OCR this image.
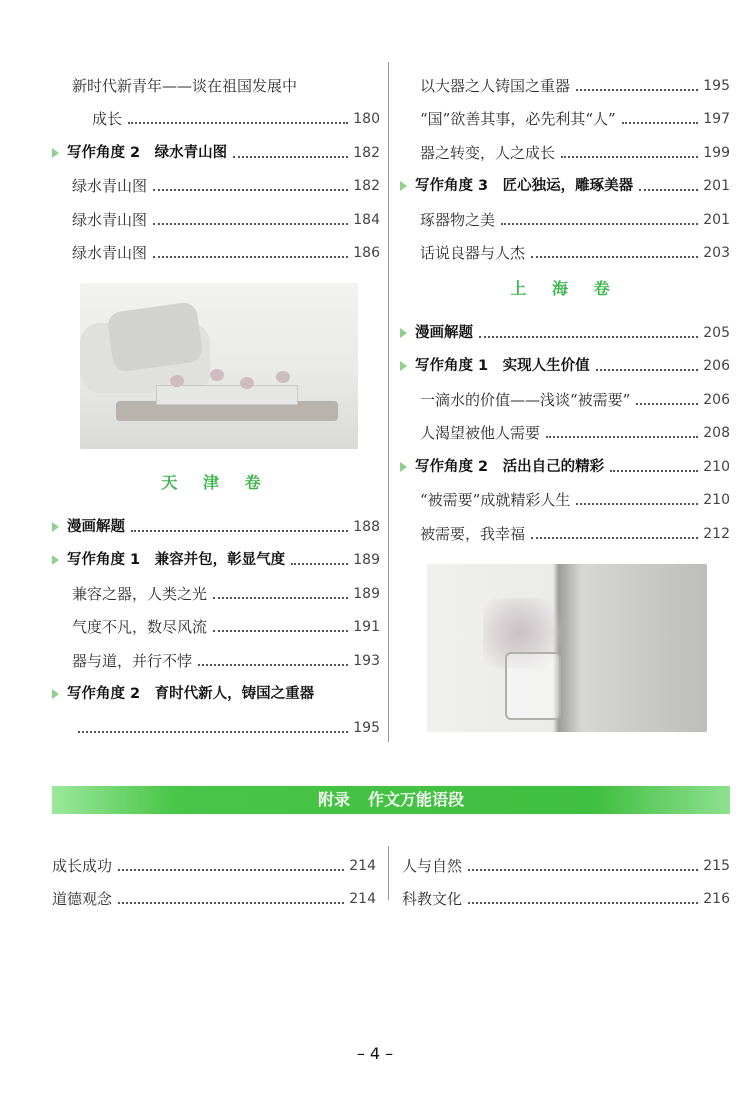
新时代新青年——谈在祖国发展中
成长	180
写作角度 2　绿水青山图	182
绿水青山图	182
绿水青山图	184
绿水青山图	186
天 津 卷
漫画解题	188
写作角度 1　兼容并包，彰显气度	189
兼容之器，人类之光	189
气度不凡，数尽风流	191
器与道，并行不悖	193
写作角度 2　育时代新人，铸国之重器
195
以大器之人铸国之重器	195
“国”欲善其事，必先利其“人”	197
器之转变，人之成长	199
写作角度 3　匠心独运，雕琢美器	201
琢器物之美	201
话说良器与人杰	203
上 海 卷
漫画解题	205
写作角度 1　实现人生价值	206
一滴水的价值——浅谈“被需要”	206
人渴望被他人需要	208
写作角度 2　活出自己的精彩	210
“被需要”成就精彩人生	210
被需要，我幸福	212
附录 作文万能语段
成长成功	214
道德观念	214
人与自然	215
科教文化	216
– 4 –
